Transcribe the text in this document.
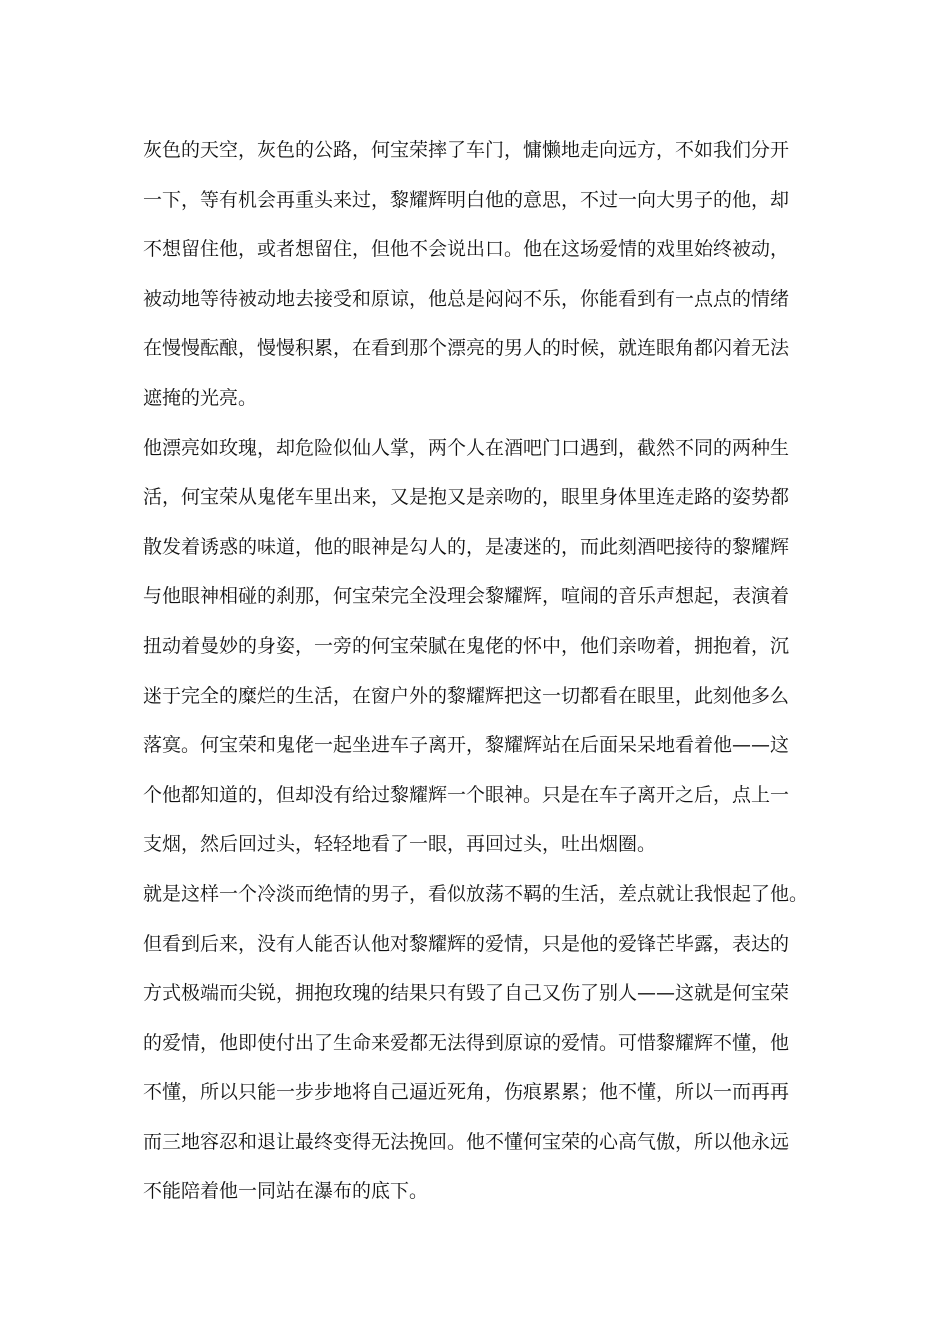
灰色的天空，灰色的公路，何宝荣摔了车门，慵懒地走向远方，不如我们分开
一下，等有机会再重头来过，黎耀辉明白他的意思，不过一向大男子的他，却
不想留住他，或者想留住，但他不会说出口。他在这场爱情的戏里始终被动，
被动地等待被动地去接受和原谅，他总是闷闷不乐，你能看到有一点点的情绪
在慢慢酝酿，慢慢积累，在看到那个漂亮的男人的时候，就连眼角都闪着无法
遮掩的光亮。
他漂亮如玫瑰，却危险似仙人掌，两个人在酒吧门口遇到，截然不同的两种生
活，何宝荣从鬼佬车里出来，又是抱又是亲吻的，眼里身体里连走路的姿势都
散发着诱惑的味道，他的眼神是勾人的，是凄迷的，而此刻酒吧接待的黎耀辉
与他眼神相碰的刹那，何宝荣完全没理会黎耀辉，喧闹的音乐声想起，表演着
扭动着曼妙的身姿，一旁的何宝荣腻在鬼佬的怀中，他们亲吻着，拥抱着，沉
迷于完全的糜烂的生活，在窗户外的黎耀辉把这一切都看在眼里，此刻他多么
落寞。何宝荣和鬼佬一起坐进车子离开，黎耀辉站在后面呆呆地看着他——这
个他都知道的，但却没有给过黎耀辉一个眼神。只是在车子离开之后，点上一
支烟，然后回过头，轻轻地看了一眼，再回过头，吐出烟圈。
就是这样一个冷淡而绝情的男子，看似放荡不羁的生活，差点就让我恨起了他。
但看到后来，没有人能否认他对黎耀辉的爱情，只是他的爱锋芒毕露，表达的
方式极端而尖锐，拥抱玫瑰的结果只有毁了自己又伤了别人——这就是何宝荣
的爱情，他即使付出了生命来爱都无法得到原谅的爱情。可惜黎耀辉不懂，他
不懂，所以只能一步步地将自己逼近死角，伤痕累累；他不懂，所以一而再再
而三地容忍和退让最终变得无法挽回。他不懂何宝荣的心高气傲，所以他永远
不能陪着他一同站在瀑布的底下。
